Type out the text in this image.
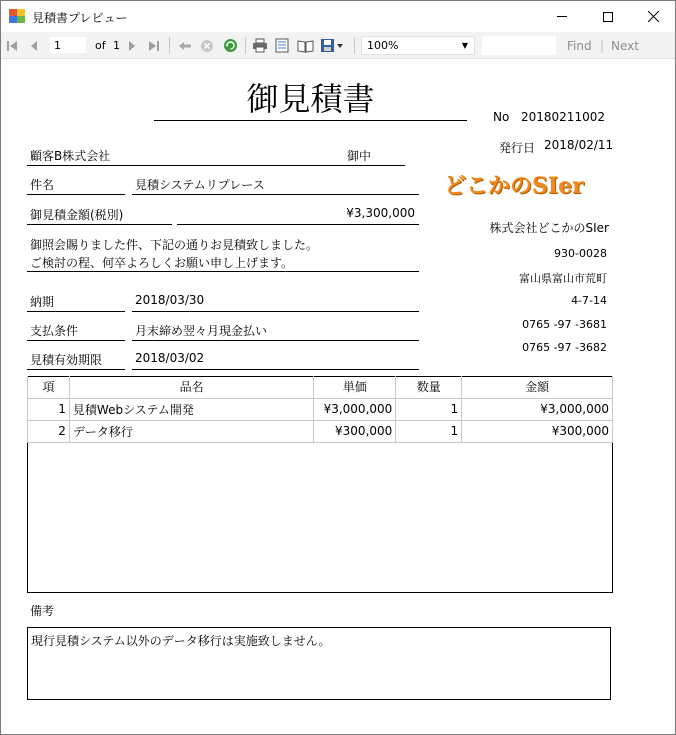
見積書プレビュー
1	of 1	100%	▼	Find | Next
御見積書	No 20180211002
発行日 2018/02/11
顧客B株式会社	御中
件名	見積システムリプレース
御見積金額(税別)	¥3,300,000
御照会賜りました件、下記の通りお見積致しました。
ご検討の程、何卒よろしくお願い申し上げます。
納期	2018/03/30
支払条件	月末締め翌々月現金払い
見積有効期限	2018/03/02
どこかのSIer
株式会社どこかのSIer
930-0028
富山県富山市荒町
4-7-14
0765 -97 -3681
0765 -97 -3682
項	品名	単価	数量	金額
1	見積Webシステム開発	¥3,000,000	1	¥3,000,000
2	データ移行	¥300,000	1	¥300,000
備考
現行見積システム以外のデータ移行は実施致しません。
